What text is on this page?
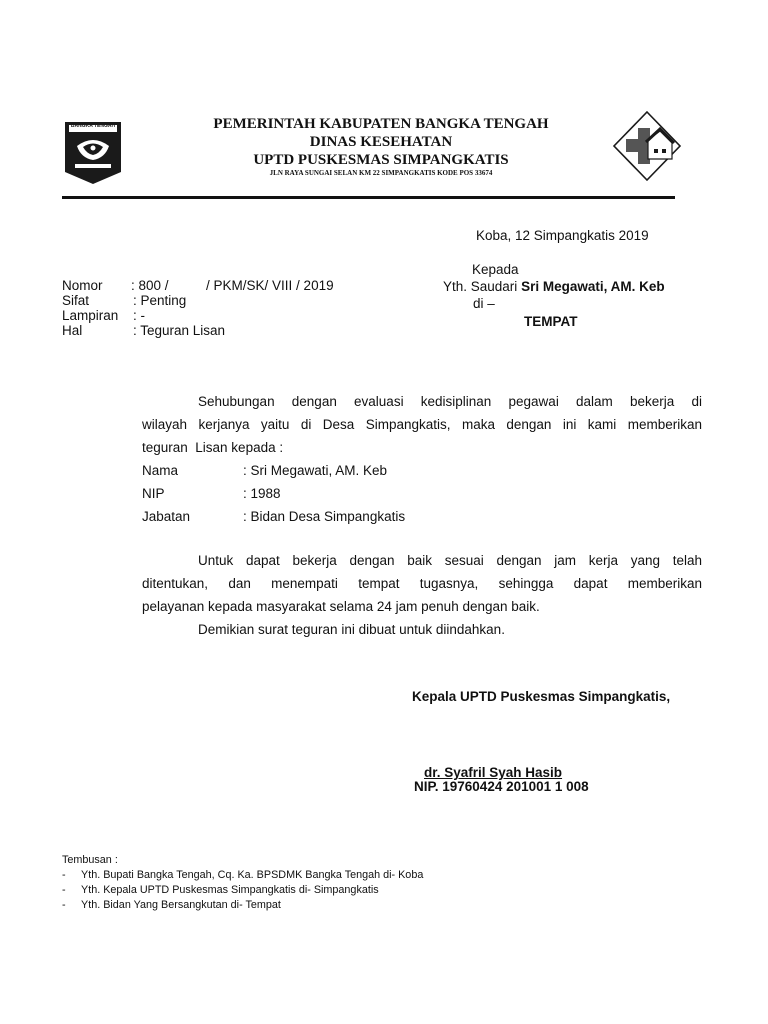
BANGKA TENGAH	PEMERINTAH KABUPATEN BANGKA TENGAH
DINAS KESEHATAN
UPTD PUSKESMAS SIMPANGKATIS
JLN RAYA SUNGAI SELAN KM 22 SIMPANGKATIS KODE POS 33674
Koba, 12 Simpangkatis 2019
Kepada
Yth. Saudari Sri Megawati, AM. Keb
di –
TEMPAT
Nomor : 800 /          / PKM/SK/ VIII / 2019
Sifat	: Penting
Lampiran : -
Hal	: Teguran Lisan
Sehubungan dengan evaluasi kedisiplinan pegawai dalam bekerja di
wilayah kerjanya yaitu di Desa Simpangkatis, maka dengan ini kami memberikan
teguran  Lisan kepada :
Nama	: Sri Megawati, AM. Keb
NIP	: 1988
Jabatan	: Bidan Desa Simpangkatis
Untuk dapat bekerja dengan baik sesuai dengan jam kerja yang telah
ditentukan, dan menempati tempat tugasnya, sehingga dapat memberikan
pelayanan kepada masyarakat selama 24 jam penuh dengan baik.
Demikian surat teguran ini dibuat untuk diindahkan.
Kepala UPTD Puskesmas Simpangkatis,
dr. Syafril Syah Hasib
NIP. 19760424 201001 1 008
Tembusan :
- Yth. Bupati Bangka Tengah, Cq. Ka. BPSDMK Bangka Tengah di- Koba
- Yth. Kepala UPTD Puskesmas Simpangkatis di- Simpangkatis
- Yth. Bidan Yang Bersangkutan di- Tempat
